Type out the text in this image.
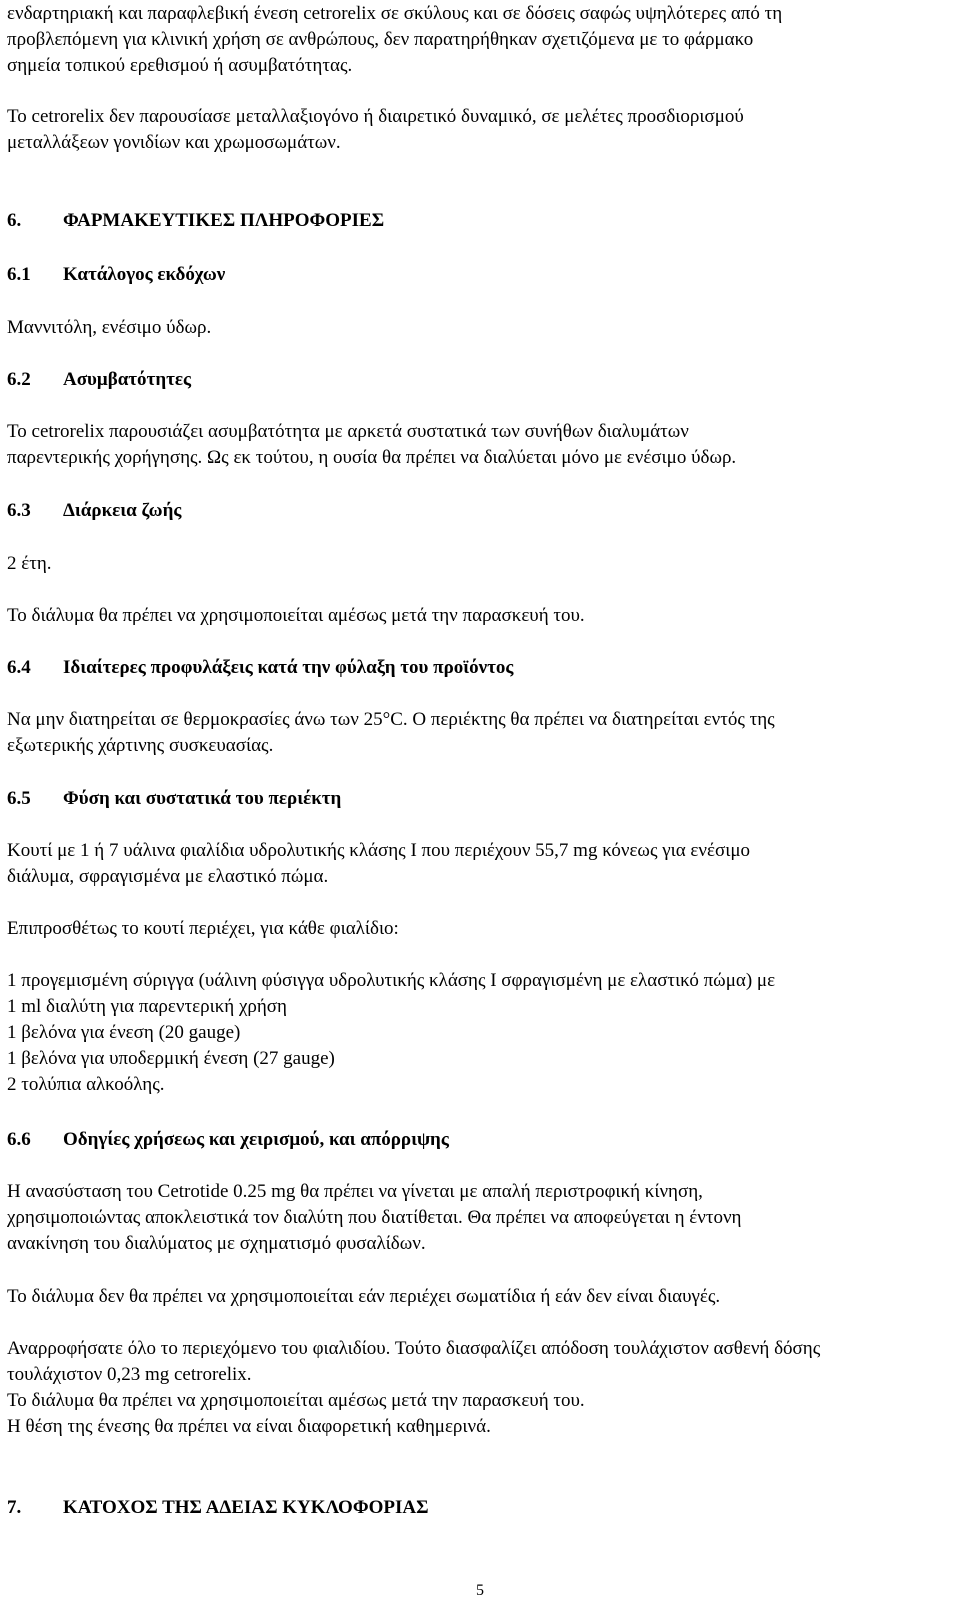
ενδαρτηριακή και παραφλεβική ένεση cetrorelix σε σκύλους και σε δόσεις σαφώς υψηλότερες από τη
προβλεπόμενη για κλινική χρήση σε ανθρώπους, δεν παρατηρήθηκαν σχετιζόμενα με το φάρμακο
σημεία τοπικού ερεθισμού ή ασυμβατότητας.
Το cetrorelix δεν παρουσίασε μεταλλαξιογόνο ή διαιρετικό δυναμικό, σε μελέτες προσδιορισμού
μεταλλάξεων γονιδίων και χρωμοσωμάτων.
6. ΦΑΡΜΑΚΕΥΤΙΚΕΣ ΠΛΗΡΟΦΟΡΙΕΣ
6.1 Κατάλογος εκδόχων

Μαννιτόλη, ενέσιμο ύδωρ.

6.2 Ασυμβατότητες
Το cetrorelix παρουσιάζει ασυμβατότητα με αρκετά συστατικά των συνήθων διαλυμάτων
παρεντερικής χορήγησης. Ως εκ τούτου, η ουσία θα πρέπει να διαλύεται μόνο με ενέσιμο ύδωρ.
6.3 Διάρκεια ζωής

2 έτη.

Το διάλυμα θα πρέπει να χρησιμοποιείται αμέσως μετά την παρασκευή του.

6.4 Ιδιαίτερες προφυλάξεις κατά την φύλαξη του προϊόντος
Να μην διατηρείται σε θερμοκρασίες άνω των 25°C. Ο περιέκτης θα πρέπει να διατηρείται εντός της
εξωτερικής χάρτινης συσκευασίας.
6.5 Φύση και συστατικά του περιέκτη
Κουτί με 1 ή 7 υάλινα φιαλίδια υδρολυτικής κλάσης Ι που περιέχουν 55,7 mg κόνεως για ενέσιμο
διάλυμα, σφραγισμένα με ελαστικό πώμα.

Επιπροσθέτως το κουτί περιέχει, για κάθε φιαλίδιο:

1 προγεμισμένη σύριγγα (υάλινη φύσιγγα υδρολυτικής κλάσης Ι σφραγισμένη με ελαστικό πώμα) με
1 ml διαλύτη για παρεντερική χρήση
1 βελόνα για ένεση (20 gauge)
1 βελόνα για υποδερμική ένεση (27 gauge)
2 τολύπια αλκοόλης.
6.6 Οδηγίες χρήσεως και χειρισμού, και απόρριψης
Η ανασύσταση του Cetrotide 0.25 mg θα πρέπει να γίνεται με απαλή περιστροφική κίνηση,
χρησιμοποιώντας αποκλειστικά τον διαλύτη που διατίθεται. Θα πρέπει να αποφεύγεται η έντονη
ανακίνηση του διαλύματος με σχηματισμό φυσαλίδων.

Το διάλυμα δεν θα πρέπει να χρησιμοποιείται εάν περιέχει σωματίδια ή εάν δεν είναι διαυγές.

Αναρροφήσατε όλο το περιεχόμενο του φιαλιδίου. Τούτο διασφαλίζει απόδοση τουλάχιστον ασθενή δόσης
τουλάχιστον 0,23 mg cetrorelix.
Το διάλυμα θα πρέπει να χρησιμοποιείται αμέσως μετά την παρασκευή του.
Η θέση της ένεσης θα πρέπει να είναι διαφορετική καθημερινά.
7. ΚΑΤΟΧΟΣ ΤΗΣ ΑΔΕΙΑΣ ΚΥΚΛΟΦΟΡΙΑΣ
5
